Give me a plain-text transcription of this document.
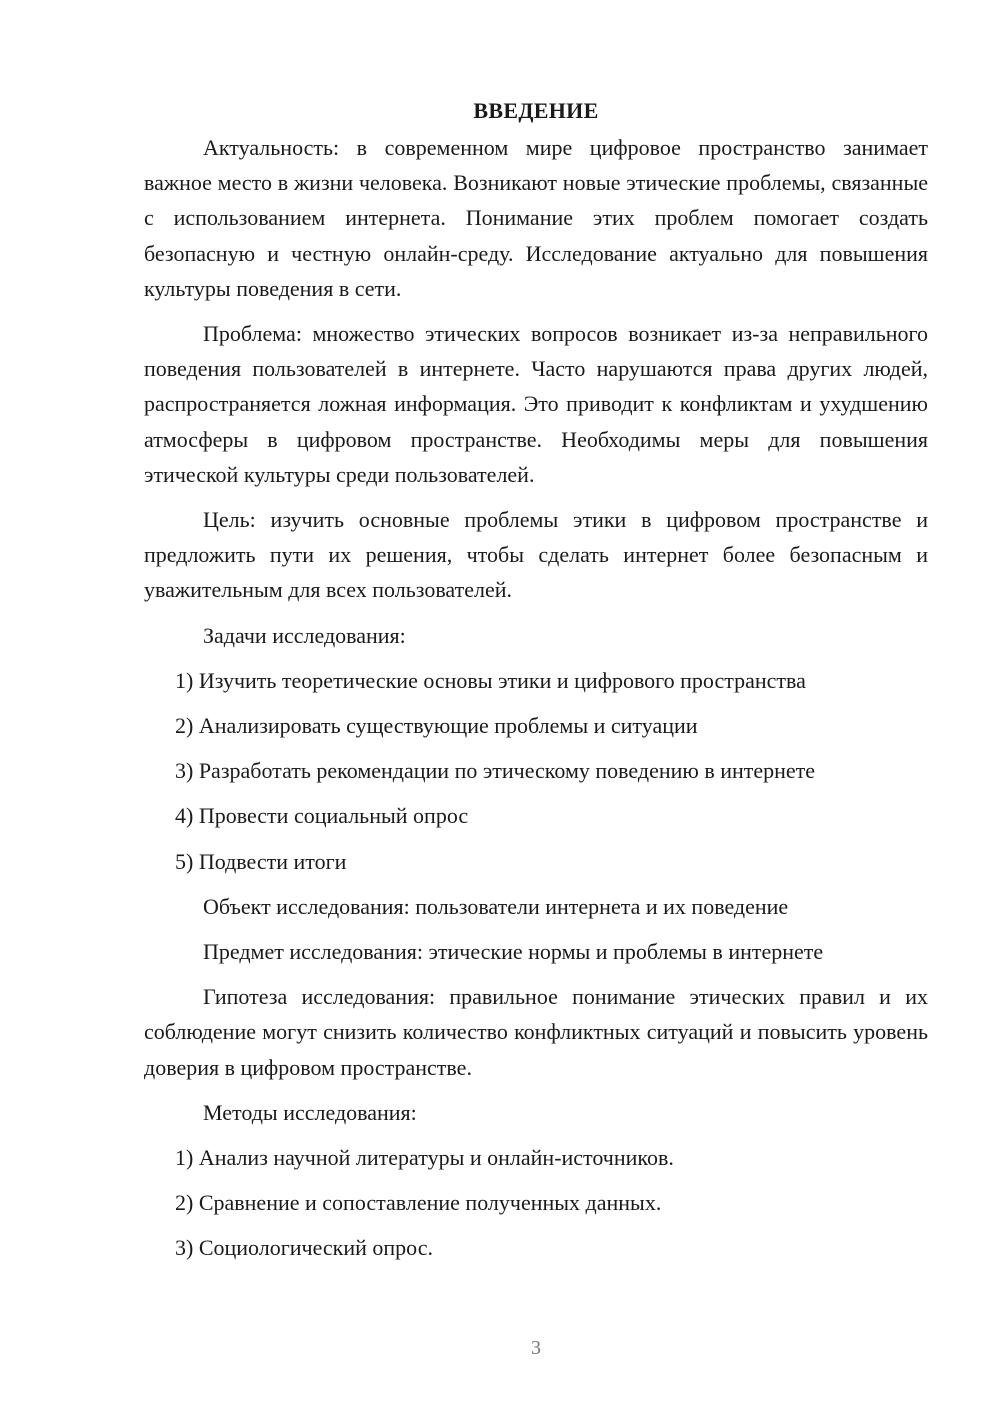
ВВЕДЕНИЕ

Актуальность: в современном мире цифровое пространство занимает важное место в жизни человека. Возникают новые этические проблемы, связанные с использованием интернета. Понимание этих проблем помогает создать безопасную и честную онлайн-среду. Исследование актуально для повышения культуры поведения в сети.

Проблема: множество этических вопросов возникает из-за неправильного поведения пользователей в интернете. Часто нарушаются права других людей, распространяется ложная информация. Это приводит к конфликтам и ухудшению атмосферы в цифровом пространстве. Необходимы меры для повышения этической культуры среди пользователей.

Цель: изучить основные проблемы этики в цифровом пространстве и предложить пути их решения, чтобы сделать интернет более безопасным и уважительным для всех пользователей.

Задачи исследования:

1) Изучить теоретические основы этики и цифрового пространства

2) Анализировать существующие проблемы и ситуации

3) Разработать рекомендации по этическому поведению в интернете

4) Провести социальный опрос

5) Подвести итоги

Объект исследования: пользователи интернета и их поведение

Предмет исследования: этические нормы и проблемы в интернете

Гипотеза исследования: правильное понимание этических правил и их соблюдение могут снизить количество конфликтных ситуаций и повысить уровень доверия в цифровом пространстве.

Методы исследования:

1) Анализ научной литературы и онлайн-источников.

2) Сравнение и сопоставление полученных данных.

3) Социологический опрос.

3
